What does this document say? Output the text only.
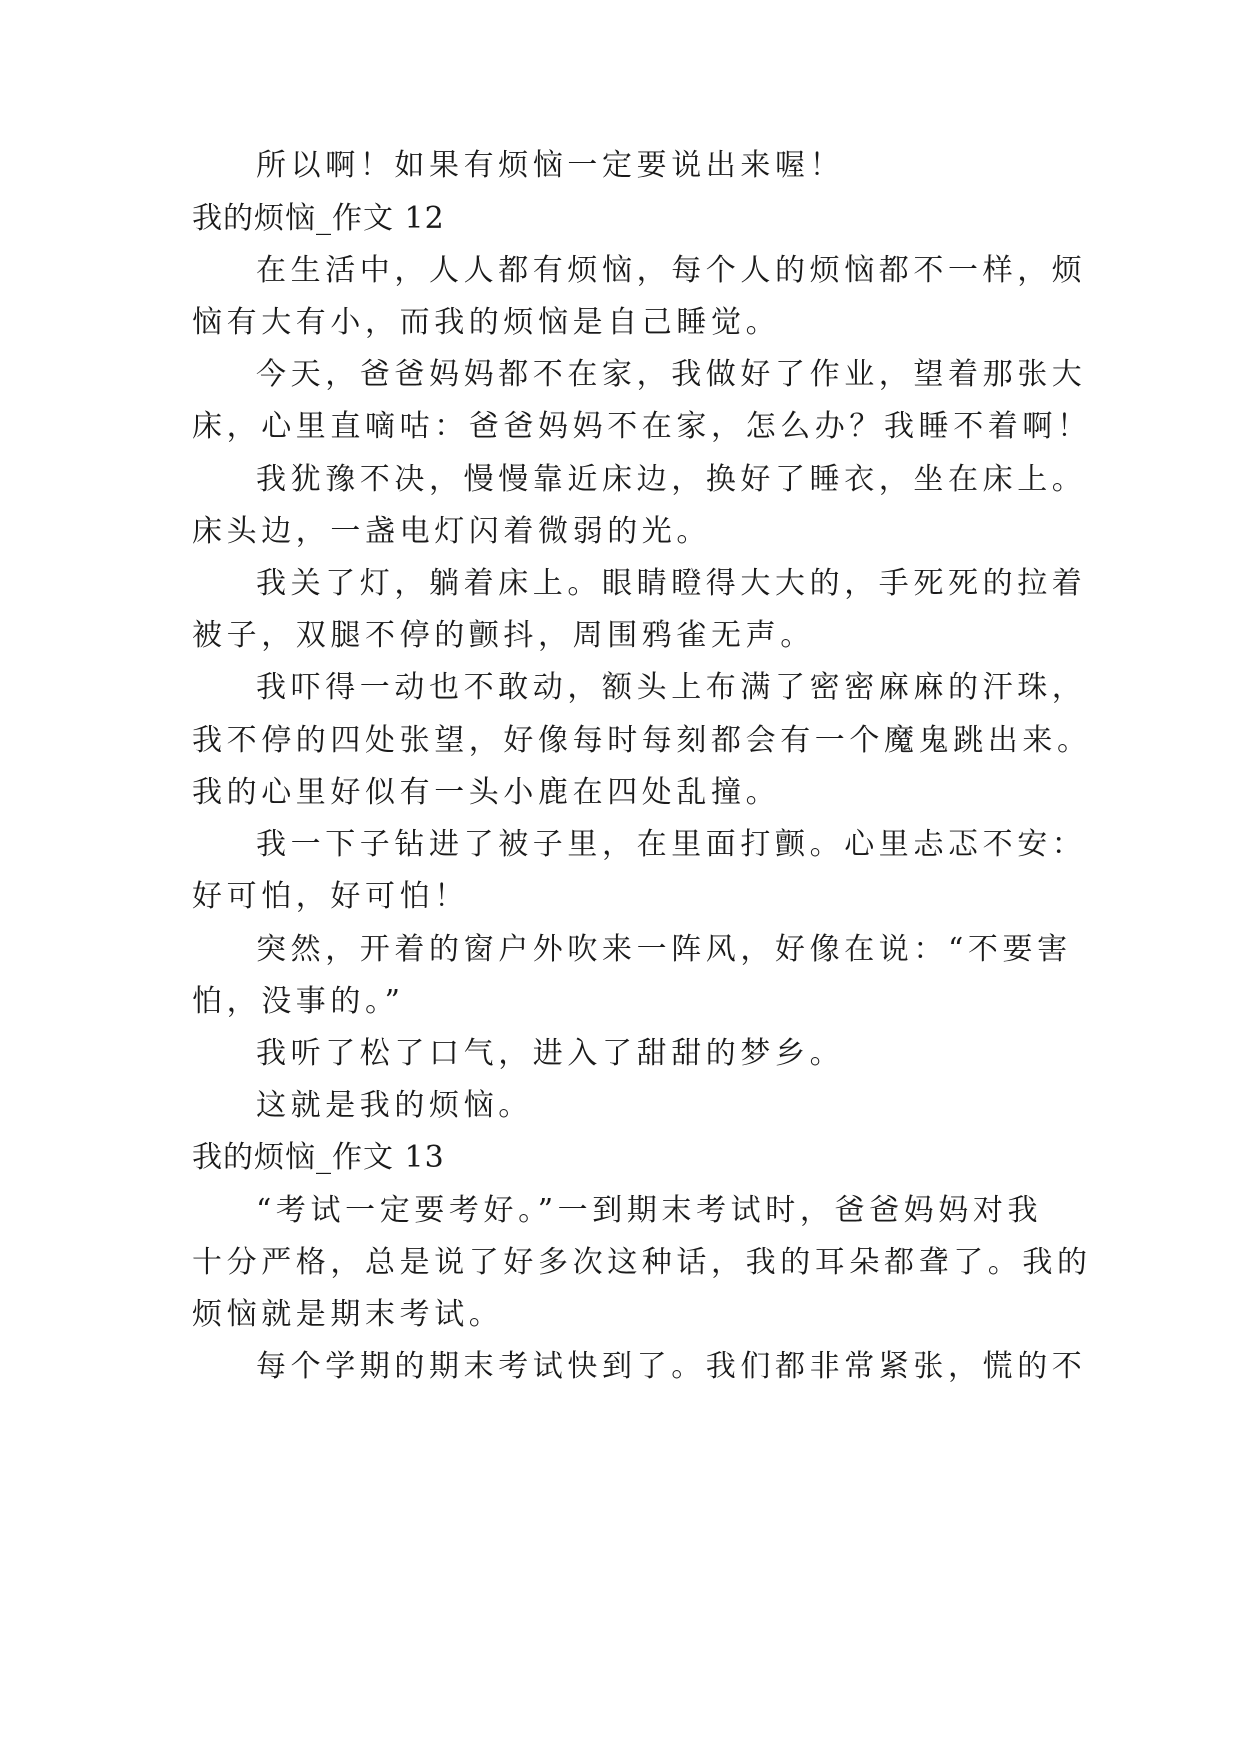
所以啊！如果有烦恼一定要说出来喔！
我的烦恼_作文 12
在生活中，人人都有烦恼，每个人的烦恼都不一样，烦
恼有大有小，而我的烦恼是自己睡觉。
今天，爸爸妈妈都不在家，我做好了作业，望着那张大
床，心里直嘀咕：爸爸妈妈不在家，怎么办？我睡不着啊！
我犹豫不决，慢慢靠近床边，换好了睡衣，坐在床上。
床头边，一盏电灯闪着微弱的光。
我关了灯，躺着床上。眼睛瞪得大大的，手死死的拉着
被子，双腿不停的颤抖，周围鸦雀无声。
我吓得一动也不敢动，额头上布满了密密麻麻的汗珠，
我不停的四处张望，好像每时每刻都会有一个魔鬼跳出来。
我的心里好似有一头小鹿在四处乱撞。
我一下子钻进了被子里，在里面打颤。心里忐忑不安：
好可怕，好可怕！
突然，开着的窗户外吹来一阵风，好像在说：“不要害
怕，没事的。”
我听了松了口气，进入了甜甜的梦乡。
这就是我的烦恼。
我的烦恼_作文 13
“考试一定要考好。”一到期末考试时，爸爸妈妈对我
十分严格，总是说了好多次这种话，我的耳朵都聋了。我的
烦恼就是期末考试。
每个学期的期末考试快到了。我们都非常紧张，慌的不
